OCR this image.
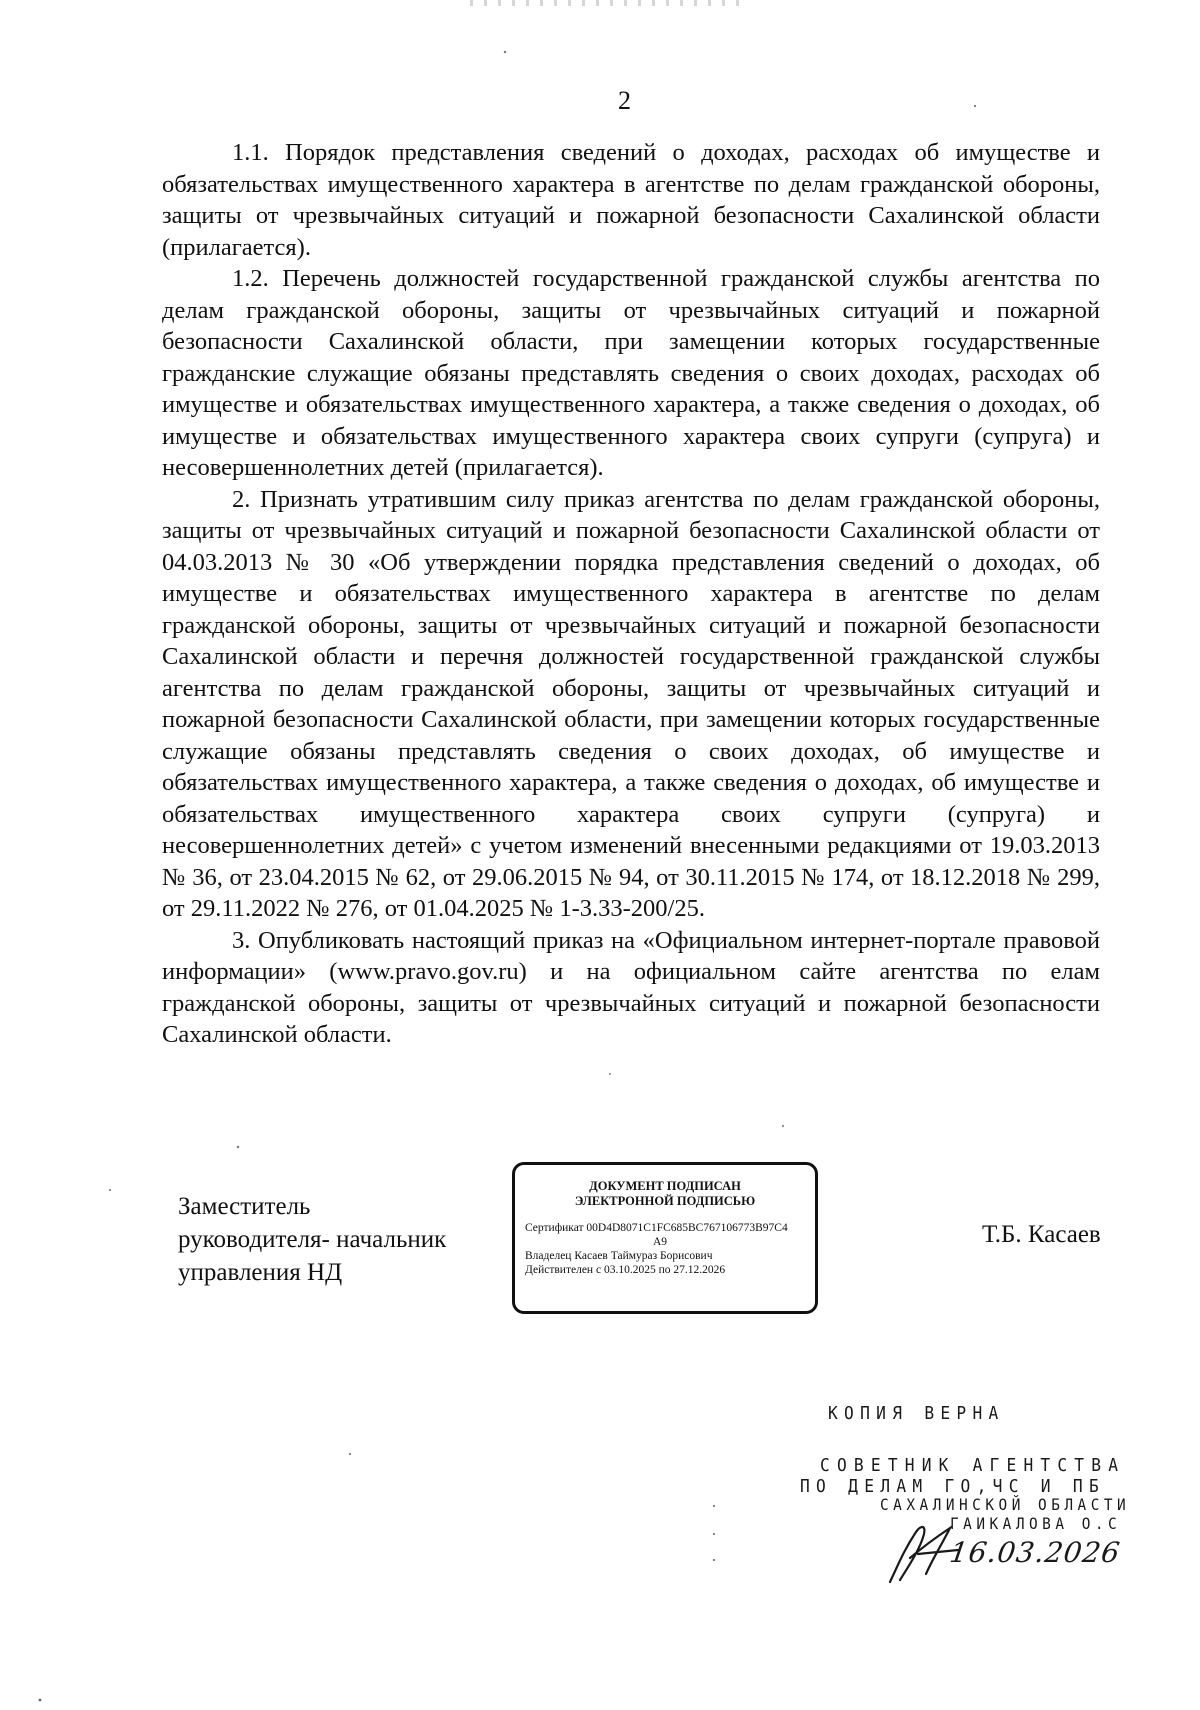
2

1.1. Порядок представления сведений о доходах, расходах об имуществе и обязательствах имущественного характера в агентстве по делам гражданской обороны, защиты от чрезвычайных ситуаций и пожарной безопасности Сахалинской области (прилагается).

1.2. Перечень должностей государственной гражданской службы агентства по делам гражданской обороны, защиты от чрезвычайных ситуаций и пожарной безопасности Сахалинской области, при замещении которых государственные гражданские служащие обязаны представлять сведения о своих доходах, расходах об имуществе и обязательствах имущественного характера, а также сведения о доходах, об имуществе и обязательствах имущественного характера своих супруги (супруга) и несовершеннолетних детей (прилагается).

2. Признать утратившим силу приказ агентства по делам гражданской обороны, защиты от чрезвычайных ситуаций и пожарной безопасности Сахалинской области от 04.03.2013 № 30 «Об утверждении порядка представления сведений о доходах, об имуществе и обязательствах имущественного характера в агентстве по делам гражданской обороны, защиты от чрезвычайных ситуаций и пожарной безопасности Сахалинской области и перечня должностей государственной гражданской службы агентства по делам гражданской обороны, защиты от чрезвычайных ситуаций и пожарной безопасности Сахалинской области, при замещении которых государственные служащие обязаны представлять сведения о своих доходах, об имуществе и обязательствах имущественного характера, а также сведения о доходах, об имуществе и обязательствах имущественного характера своих супруги (супруга) и несовершеннолетних детей» с учетом изменений внесенными редакциями от 19.03.2013 № 36, от 23.04.2015 № 62, от 29.06.2015 № 94, от 30.11.2015 № 174, от 18.12.2018 № 299, от 29.11.2022 № 276, от 01.04.2025 № 1-3.33-200/25.

3. Опубликовать настоящий приказ на «Официальном интернет-портале правовой информации» (www.pravo.gov.ru) и на официальном сайте агентства по елам гражданской обороны, защиты от чрезвычайных ситуаций и пожарной безопасности Сахалинской области.

Заместитель
руководителя- начальник
управления НД
ДОКУМЕНТ ПОДПИСАН
ЭЛЕКТРОННОЙ ПОДПИСЬЮ
Сертификат 00D4D8071C1FC685BC767106773B97C4
A9
Владелец Касаев Таймураз Борисович
Действителен с 03.10.2025 по 27.12.2026
Т.Б. Касаев
КОПИЯ ВЕРНА
СОВЕТНИК АГЕНТСТВА
ПО ДЕЛАМ ГО,ЧС И ПБ
САХАЛИНСКОЙ ОБЛАСТИ
ГАИКАЛОВА О.С
16.03.2026
